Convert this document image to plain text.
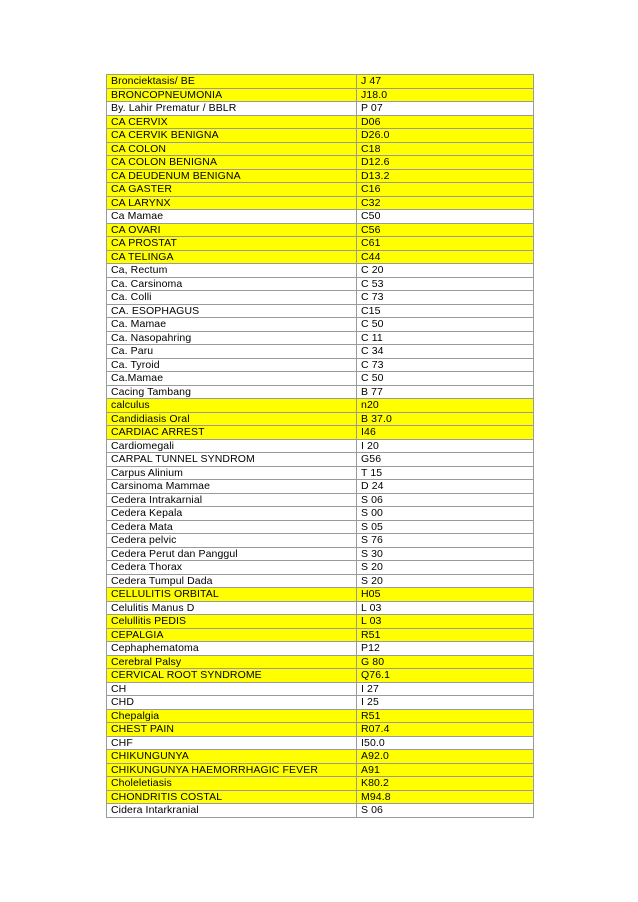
Bronciektasis/ BE	J 47
BRONCOPNEUMONIA	J18.0
By. Lahir Prematur / BBLR	P 07
CA CERVIX	D06
CA CERVIK BENIGNA	D26.0
CA COLON	C18
CA COLON BENIGNA	D12.6
CA DEUDENUM BENIGNA	D13.2
CA GASTER	C16
CA LARYNX	C32
Ca Mamae	C50
CA OVARI	C56
CA PROSTAT	C61
CA TELINGA	C44
Ca, Rectum	C 20
Ca. Carsinoma	C 53
Ca. Colli	C 73
CA. ESOPHAGUS	C15
Ca. Mamae	C 50
Ca. Nasopahring	C 11
Ca. Paru	C 34
Ca. Tyroid	C 73
Ca.Mamae	C 50
Cacing Tambang	B 77
calculus	n20
Candidiasis Oral	B 37.0
CARDIAC ARREST	I46
Cardiomegali	I 20
CARPAL TUNNEL SYNDROM	G56
Carpus Alinium	T 15
Carsinoma Mammae	D 24
Cedera Intrakarnial	S 06
Cedera Kepala	S 00
Cedera Mata	S 05
Cedera pelvic	S 76
Cedera Perut dan Panggul	S 30
Cedera Thorax	S 20
Cedera Tumpul Dada	S 20
CELLULITIS ORBITAL	H05
Celulitis Manus D	L 03
Celullitis PEDIS	L 03
CEPALGIA	R51
Cephaphematoma	P12
Cerebral Palsy	G 80
CERVICAL ROOT SYNDROME	Q76.1
CH	I 27
CHD	I 25
Chepalgia	R51
CHEST PAIN	R07.4
CHF	I50.0
CHIKUNGUNYA	A92.0
CHIKUNGUNYA HAEMORRHAGIC FEVER	A91
Choleletiasis	K80.2
CHONDRITIS COSTAL	M94.8
Cidera Intarkranial	S 06
